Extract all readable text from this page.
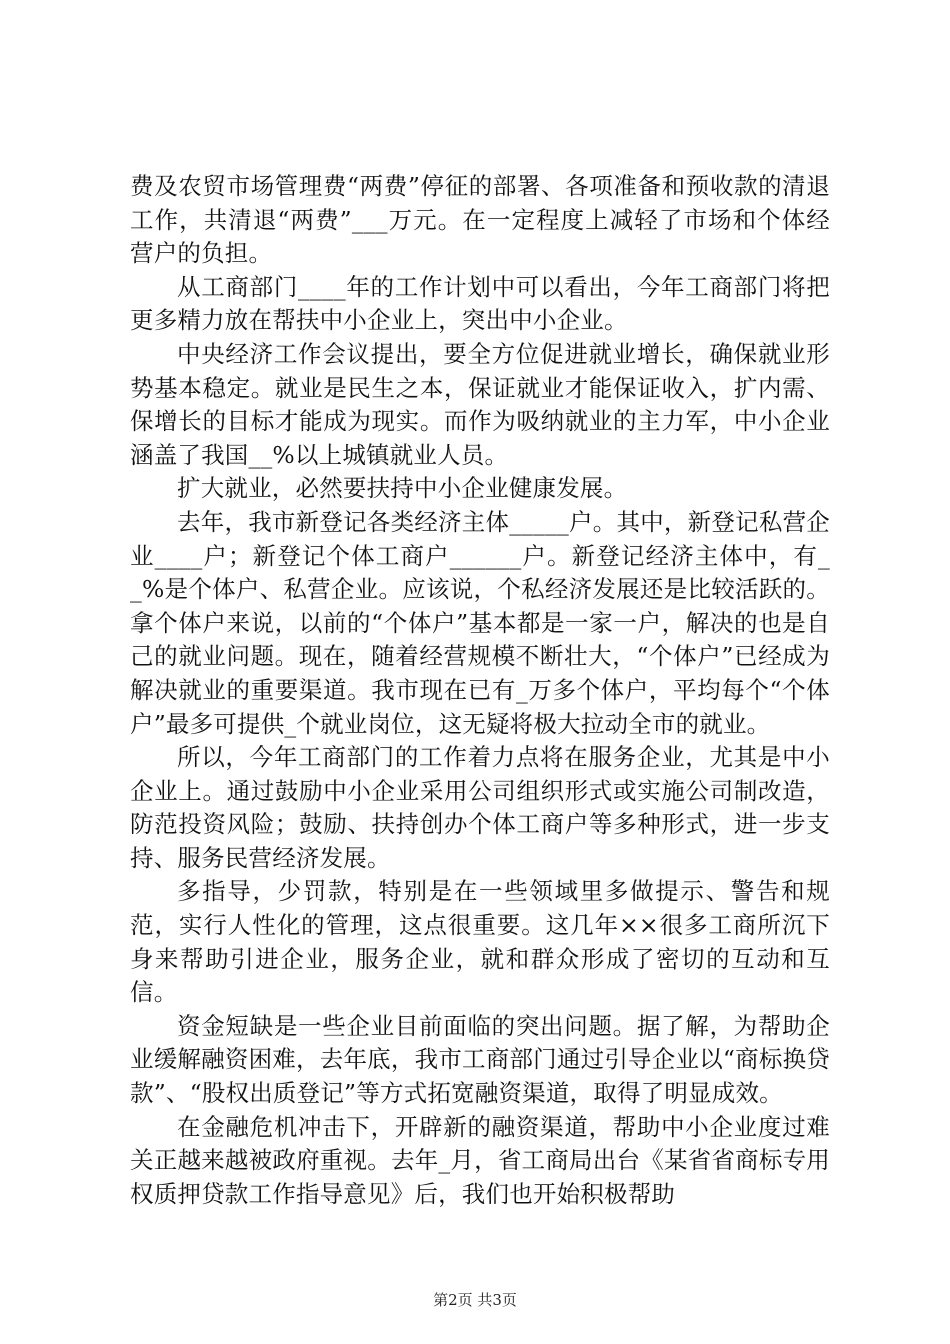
费及农贸市场管理费“两费”停征的部署、各项准备和预收款的清退工作，共清退“两费”___万元。在一定程度上减轻了市场和个体经营户的负担。

从工商部门____年的工作计划中可以看出，今年工商部门将把更多精力放在帮扶中小企业上，突出中小企业。

中央经济工作会议提出，要全方位促进就业增长，确保就业形势基本稳定。就业是民生之本，保证就业才能保证收入，扩内需、保增长的目标才能成为现实。而作为吸纳就业的主力军，中小企业涵盖了我国__%以上城镇就业人员。

扩大就业，必然要扶持中小企业健康发展。

去年，我市新登记各类经济主体_____户。其中，新登记私营企业____户；新登记个体工商户______户。新登记经济主体中，有__%是个体户、私营企业。应该说，个私经济发展还是比较活跃的。拿个体户来说，以前的“个体户”基本都是一家一户，解决的也是自己的就业问题。现在，随着经营规模不断壮大，“个体户”已经成为解决就业的重要渠道。我市现在已有_万多个体户，平均每个“个体户”最多可提供_个就业岗位，这无疑将极大拉动全市的就业。

所以，今年工商部门的工作着力点将在服务企业，尤其是中小企业上。通过鼓励中小企业采用公司组织形式或实施公司制改造，防范投资风险；鼓励、扶持创办个体工商户等多种形式，进一步支持、服务民营经济发展。

多指导，少罚款，特别是在一些领域里多做提示、警告和规范，实行人性化的管理，这点很重要。这几年××很多工商所沉下身来帮助引进企业，服务企业，就和群众形成了密切的互动和互信。

资金短缺是一些企业目前面临的突出问题。据了解，为帮助企业缓解融资困难，去年底，我市工商部门通过引导企业以“商标换贷款”、“股权出质登记”等方式拓宽融资渠道，取得了明显成效。

在金融危机冲击下，开辟新的融资渠道，帮助中小企业度过难关正越来越被政府重视。去年_月，省工商局出台《某省省商标专用权质押贷款工作指导意见》后，我们也开始积极帮助

第2页 共3页
